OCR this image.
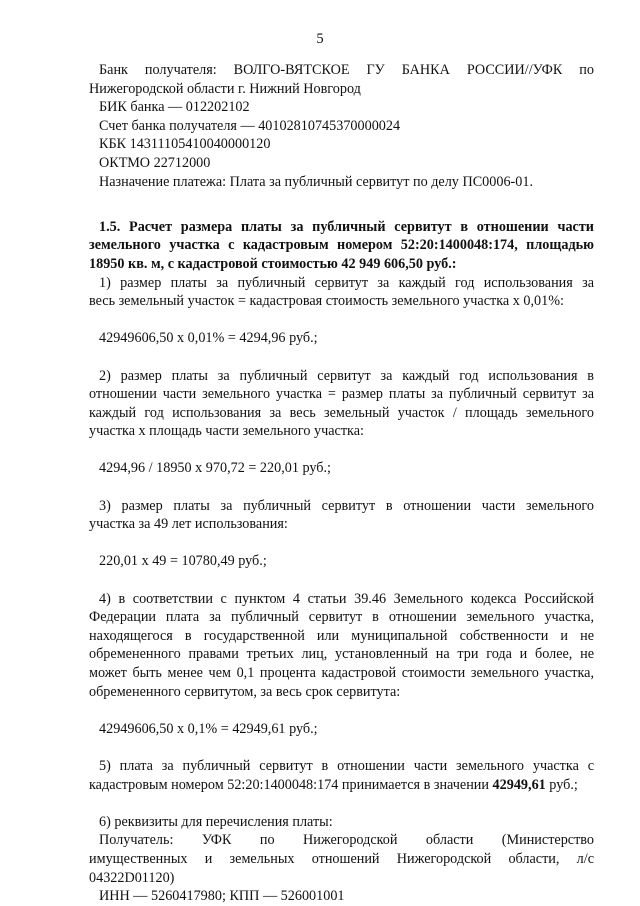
5
Банк получателя: ВОЛГО-ВЯТСКОЕ ГУ БАНКА РОССИИ//УФК по
Нижегородской области г. Нижний Новгород
БИК банка — 012202102
Счет банка получателя — 40102810745370000024
КБК 14311105410040000120
ОКТМО 22712000
Назначение платежа: Плата за публичный сервитут по делу ПС0006-01.
1.5. Расчет размера платы за публичный сервитут в отношении части
земельного участка с кадастровым номером 52:20:1400048:174, площадью
18950 кв. м, с кадастровой стоимостью 42 949 606,50 руб.:
1) размер платы за публичный сервитут за каждый год использования за
весь земельный участок = кадастровая стоимость земельного участка х 0,01%:
42949606,50 х 0,01% = 4294,96 руб.;
2) размер платы за публичный сервитут за каждый год использования в
отношении части земельного участка = размер платы за публичный сервитут за
каждый год использования за весь земельный участок / площадь земельного
участка х площадь части земельного участка:
4294,96 / 18950 х 970,72 = 220,01 руб.;
3) размер платы за публичный сервитут в отношении части земельного
участка за 49 лет использования:
220,01 х 49 = 10780,49 руб.;
4) в соответствии с пунктом 4 статьи 39.46 Земельного кодекса Российской
Федерации плата за публичный сервитут в отношении земельного участка,
находящегося в государственной или муниципальной собственности и не
обремененного правами третьих лиц, установленный на три года и более, не
может быть менее чем 0,1 процента кадастровой стоимости земельного участка,
обремененного сервитутом, за весь срок сервитута:
42949606,50 х 0,1% = 42949,61 руб.;
5) плата за публичный сервитут в отношении части земельного участка с
кадастровым номером 52:20:1400048:174 принимается в значении 42949,61 руб.;
6) реквизиты для перечисления платы:
Получатель: УФК по Нижегородской области (Министерство
имущественных и земельных отношений Нижегородской области, л/с
04322D01120)
ИНН — 5260417980; КПП — 526001001
